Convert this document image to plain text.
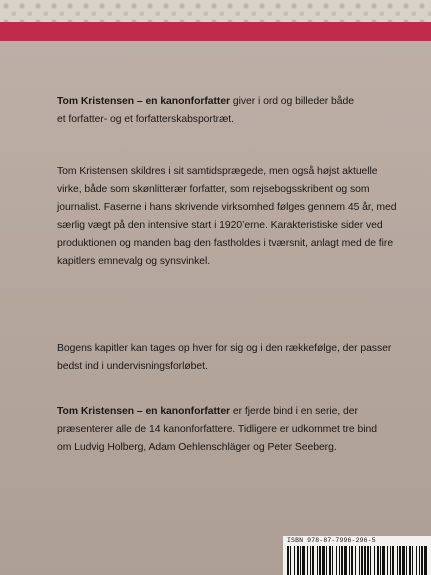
Tom Kristensen – en kanonforfatter giver i ord og billeder både
et forfatter- og et forfatterskabsportræt.
Tom Kristensen skildres i sit samtidsprægede, men også højst aktuelle
virke, både som skønlitterær forfatter, som rejsebogsskribent og som
journalist. Faserne i hans skrivende virksomhed følges gennem 45 år, med
særlig vægt på den intensive start i 1920’erne. Karakteristiske sider ved
produktionen og manden bag den fastholdes i tværsnit, anlagt med de fire
kapitlers emnevalg og synsvinkel.
Bogens kapitler kan tages op hver for sig og i den rækkefølge, der passer
bedst ind i undervisningsforløbet.
Tom Kristensen – en kanonforfatter er fjerde bind i en serie, der
præsenterer alle de 14 kanonforfattere. Tidligere er udkommet tre bind
om Ludvig Holberg, Adam Oehlenschläger og Peter Seeberg.
ISBN 978-87-7996-296-5
